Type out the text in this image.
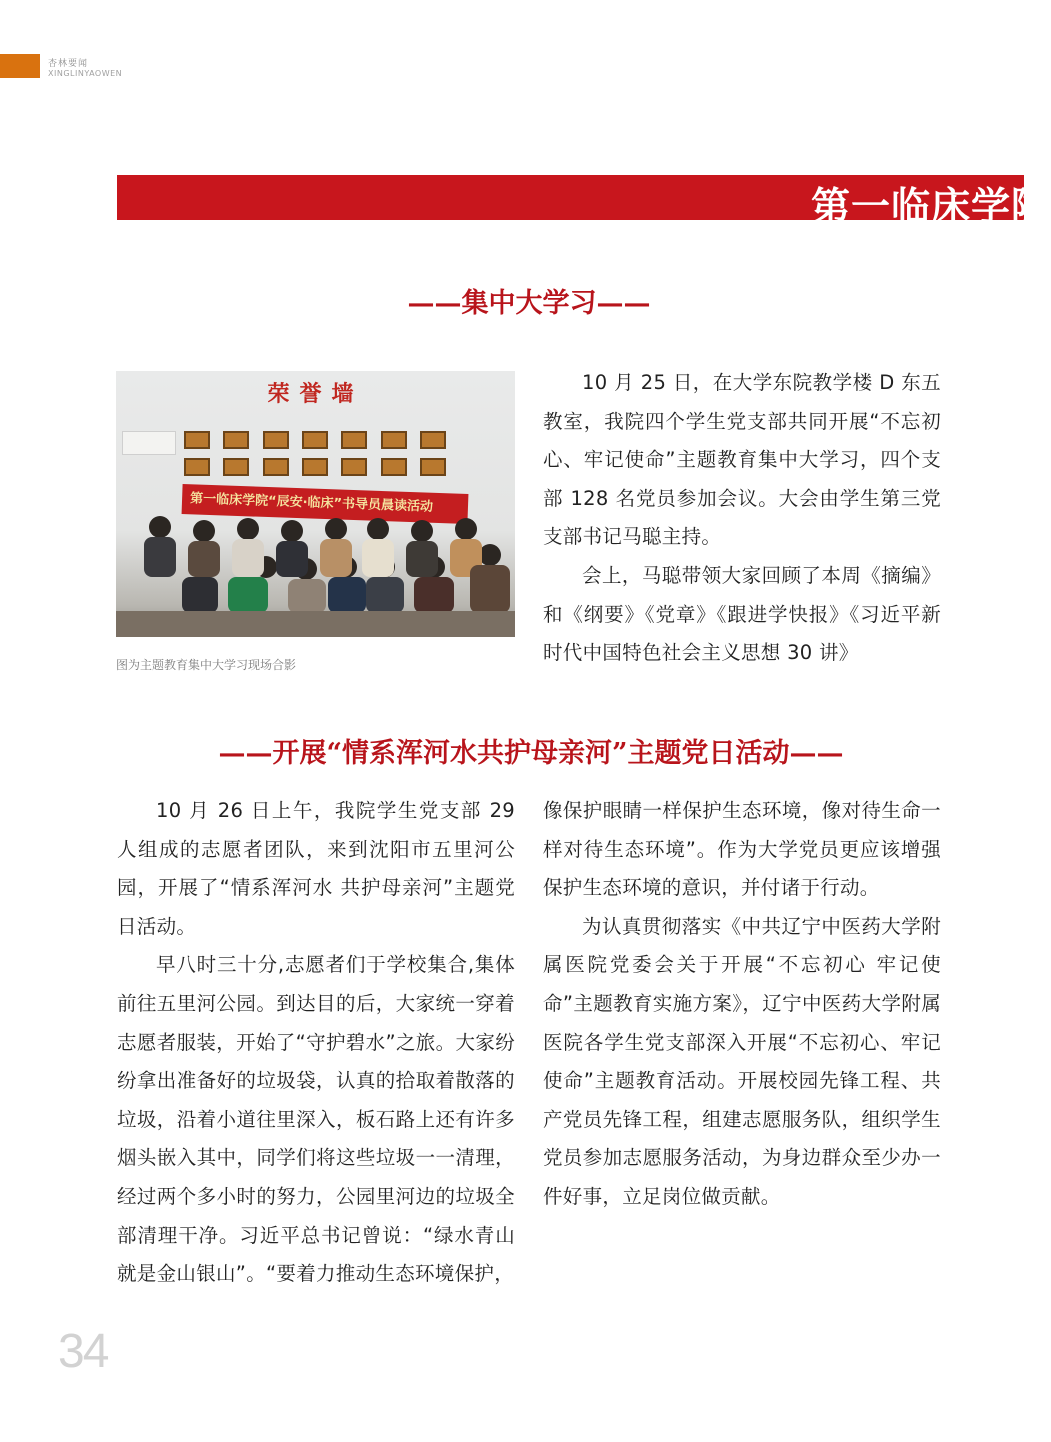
杏林要闻
XINGLINYAOWEN
第一临床学院
——集中大学习——
荣誉墙
第一临床学院“辰安·临床”书导员晨读活动
图为主题教育集中大学习现场合影

10 月 25 日，在大学东院教学楼 D 东五教室，我院四个学生党支部共同开展“不忘初心、牢记使命”主题教育集中大学习，四个支部 128 名党员参加会议。大会由学生第三党支部书记马聪主持。

会上，马聪带领大家回顾了本周《摘编》和《纲要》《党章》《跟进学快报》《习近平新时代中国特色社会主义思想 30 讲》

——开展“情系浑河水共护母亲河”主题党日活动——

10 月 26 日上午，我院学生党支部 29 人组成的志愿者团队，来到沈阳市五里河公园，开展了“情系浑河水 共护母亲河”主题党日活动。

早八时三十分,志愿者们于学校集合,集体前往五里河公园。到达目的后，大家统一穿着志愿者服装，开始了“守护碧水”之旅。大家纷纷拿出准备好的垃圾袋，认真的拾取着散落的垃圾，沿着小道往里深入，板石路上还有许多烟头嵌入其中，同学们将这些垃圾一一清理，经过两个多小时的努力，公园里河边的垃圾全部清理干净。习近平总书记曾说：“绿水青山就是金山银山”。“要着力推动生态环境保护，

像保护眼睛一样保护生态环境，像对待生命一样对待生态环境”。作为大学党员更应该增强保护生态环境的意识，并付诸于行动。

为认真贯彻落实《中共辽宁中医药大学附属医院党委会关于开展“不忘初心 牢记使命”主题教育实施方案》，辽宁中医药大学附属医院各学生党支部深入开展“不忘初心、牢记使命”主题教育活动。开展校园先锋工程、共产党员先锋工程，组建志愿服务队，组织学生党员参加志愿服务活动，为身边群众至少办一件好事，立足岗位做贡献。

34
